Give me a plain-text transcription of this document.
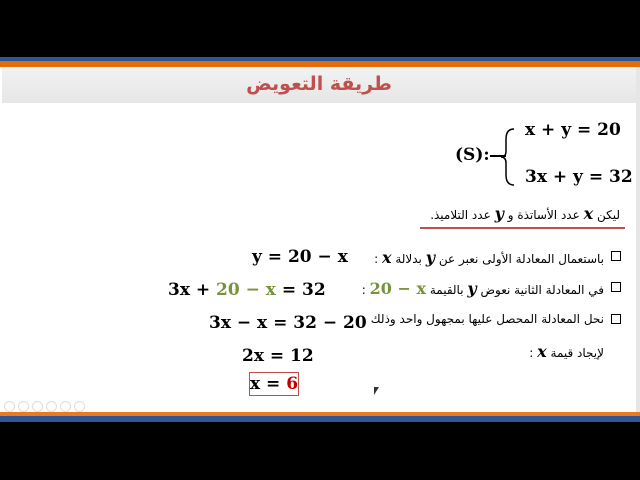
طريقة التعويض
(S):
x + y = 20
3x + y = 32
ليكن x عدد الأساتذة و y عدد التلاميذ.
باستعمال المعادلة الأولى نعبر عن y بدلالة x :
y = 20 − x
في المعادلة الثانية نعوض y بالقيمة 20 − x :
3x + 20 − x = 32
نحل المعادلة المحصل عليها بمجهول واحد وذلك
3x − x = 32 − 20
لإيجاد قيمة x :
2x = 12
x = 6
